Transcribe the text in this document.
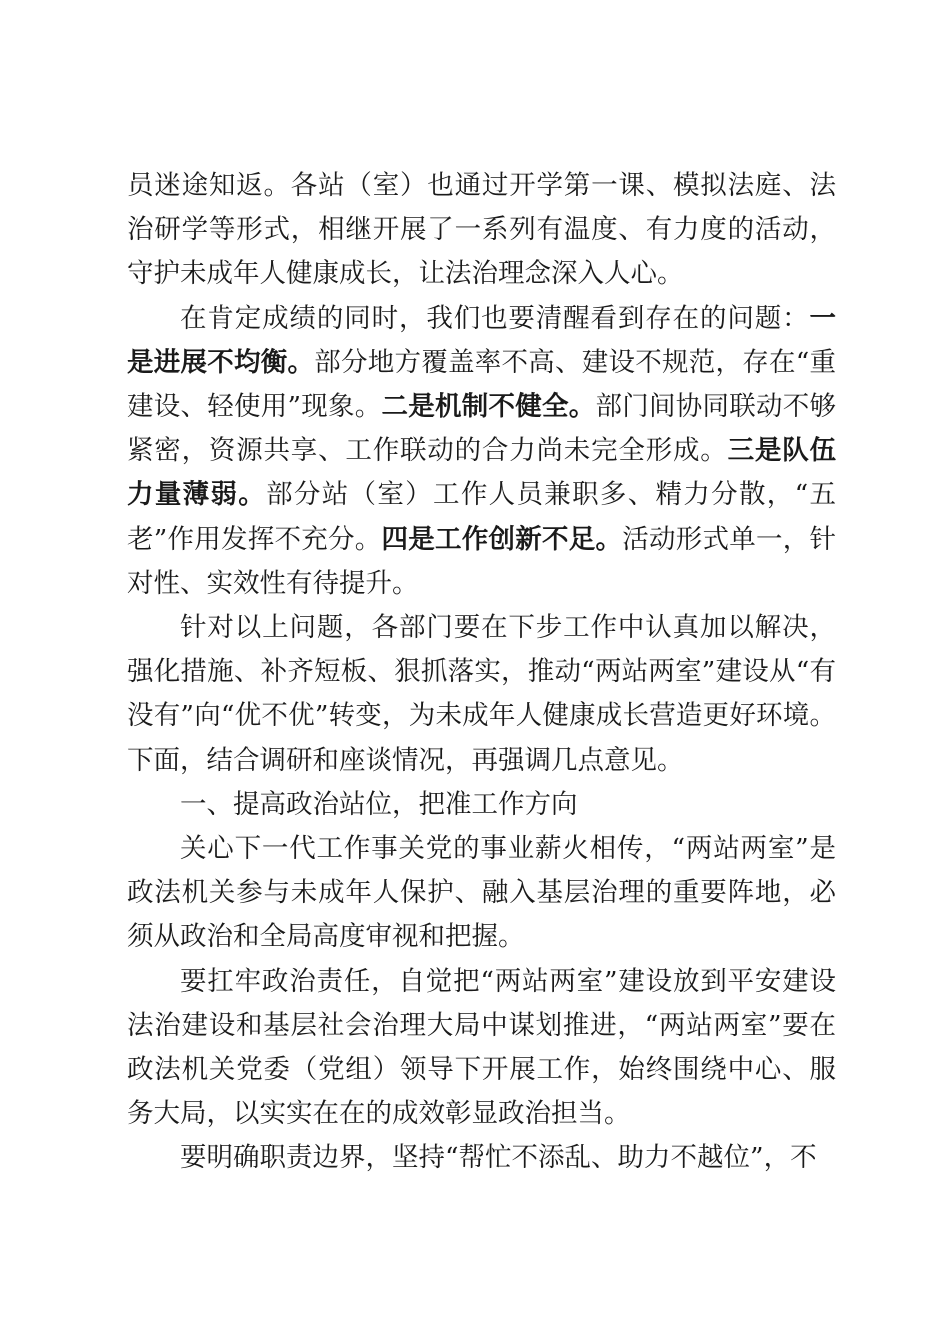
员迷途知返。各站（室）也通过开学第一课、模拟法庭、法治研学等形式，相继开展了一系列有温度、有力度的活动，守护未成年人健康成长，让法治理念深入人心。

在肯定成绩的同时，我们也要清醒看到存在的问题：一是进展不均衡。部分地方覆盖率不高、建设不规范，存在“重建设、轻使用”现象。二是机制不健全。部门间协同联动不够紧密，资源共享、工作联动的合力尚未完全形成。三是队伍力量薄弱。部分站（室）工作人员兼职多、精力分散，“五老”作用发挥不充分。四是工作创新不足。活动形式单一，针对性、实效性有待提升。

针对以上问题，各部门要在下步工作中认真加以解决，强化措施、补齐短板、狠抓落实，推动“两站两室”建设从“有没有”向“优不优”转变，为未成年人健康成长营造更好环境。下面，结合调研和座谈情况，再强调几点意见。

一、提高政治站位，把准工作方向

关心下一代工作事关党的事业薪火相传，“两站两室”是政法机关参与未成年人保护、融入基层治理的重要阵地，必须从政治和全局高度审视和把握。

要扛牢政治责任，自觉把“两站两室”建设放到平安建设法治建设和基层社会治理大局中谋划推进，“两站两室”要在政法机关党委（党组）领导下开展工作，始终围绕中心、服务大局，以实实在在的成效彰显政治担当。

要明确职责边界，坚持“帮忙不添乱、助力不越位”，不
